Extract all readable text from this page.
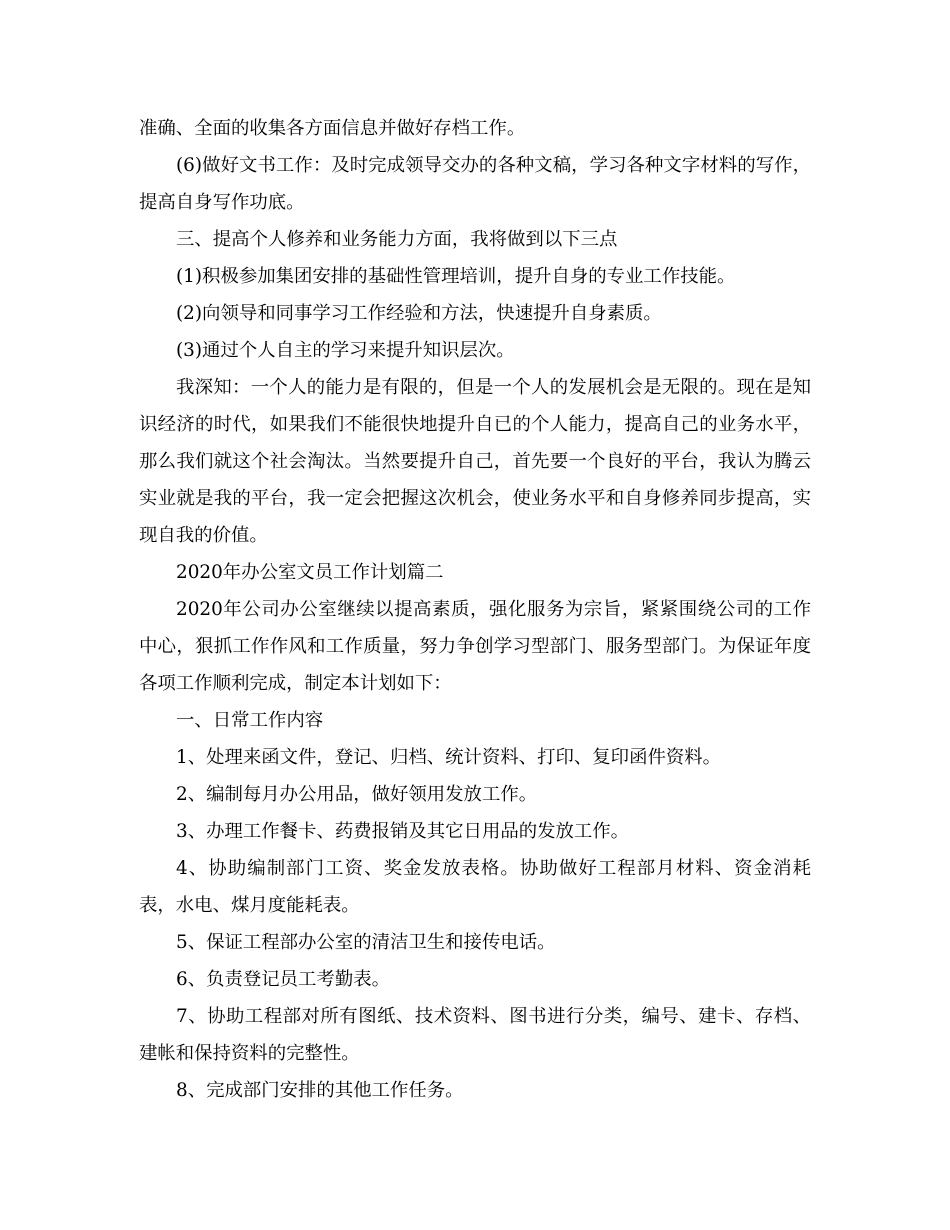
准确、全面的收集各方面信息并做好存档工作。

(6)做好文书工作：及时完成领导交办的各种文稿，学习各种文字材料的写作，提高自身写作功底。

三、提高个人修养和业务能力方面，我将做到以下三点

(1)积极参加集团安排的基础性管理培训，提升自身的专业工作技能。

(2)向领导和同事学习工作经验和方法，快速提升自身素质。

(3)通过个人自主的学习来提升知识层次。

我深知：一个人的能力是有限的，但是一个人的发展机会是无限的。现在是知识经济的时代，如果我们不能很快地提升自已的个人能力，提高自己的业务水平，那么我们就这个社会淘汰。当然要提升自己，首先要一个良好的平台，我认为腾云实业就是我的平台，我一定会把握这次机会，使业务水平和自身修养同步提高，实现自我的价值。

2020年办公室文员工作计划篇二

2020年公司办公室继续以提高素质，强化服务为宗旨，紧紧围绕公司的工作中心，狠抓工作作风和工作质量，努力争创学习型部门、服务型部门。为保证年度各项工作顺利完成，制定本计划如下：

一、日常工作内容

1、处理来函文件，登记、归档、统计资料、打印、复印函件资料。

2、编制每月办公用品，做好领用发放工作。

3、办理工作餐卡、药费报销及其它日用品的发放工作。

4、协助编制部门工资、奖金发放表格。协助做好工程部月材料、资金消耗表，水电、煤月度能耗表。

5、保证工程部办公室的清洁卫生和接传电话。

6、负责登记员工考勤表。

7、协助工程部对所有图纸、技术资料、图书进行分类，编号、建卡、存档、建帐和保持资料的完整性。

8、完成部门安排的其他工作任务。
